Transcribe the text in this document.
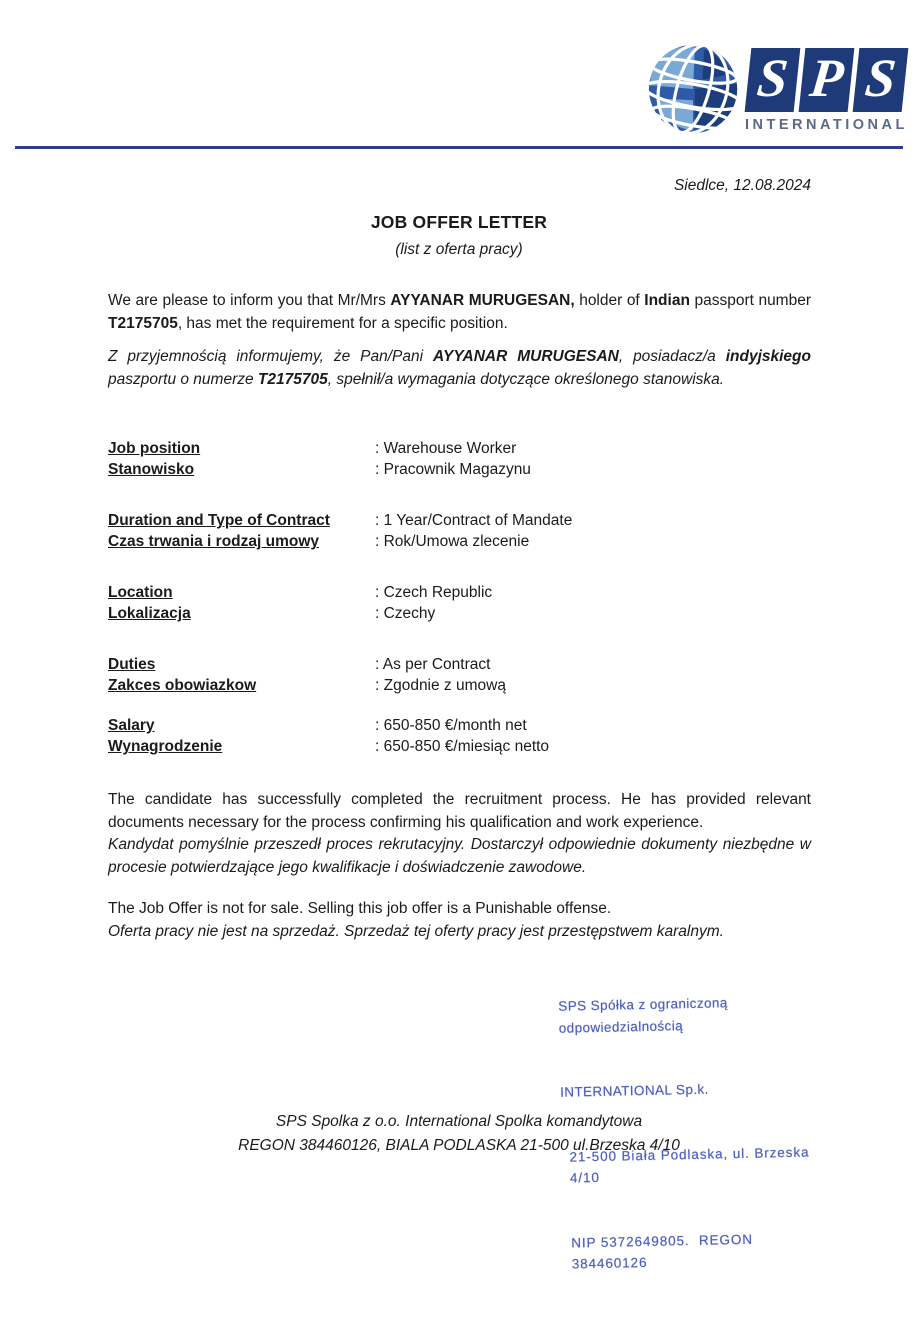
S P S
INTERNATIONAL
Siedlce, 12.08.2024
JOB OFFER LETTER
(list z oferta pracy)

We are please to inform you that Mr/Mrs AYYANAR MURUGESAN, holder of Indian passport number T2175705, has met the requirement for a specific position.

Z przyjemnością informujemy, że Pan/Pani AYYANAR MURUGESAN, posiadacz/a indyjskiego paszportu o numerze T2175705, spełnił/a wymagania dotyczące określonego stanowiska.

Job position	: Warehouse Worker
Stanowisko	: Pracownik Magazynu
Duration and Type of Contract	: 1 Year/Contract of Mandate
Czas trwania i rodzaj umowy	: Rok/Umowa zlecenie
Location	: Czech Republic
Lokalizacja	: Czechy
Duties	: As per Contract
Zakces obowiazkow	: Zgodnie z umową
Salary	: 650-850 €/month net
Wynagrodzenie	: 650-850 €/miesiąc netto

The candidate has successfully completed the recruitment process. He has provided relevant documents necessary for the process confirming his qualification and work experience.

Kandydat pomyślnie przeszedł proces rekrutacyjny. Dostarczył odpowiednie dokumenty niezbędne w procesie potwierdzające jego kwalifikacje i doświadczenie zawodowe.

The Job Offer is not for sale. Selling this job offer is a Punishable offense.

Oferta pracy nie jest na sprzedaż. Sprzedaż tej oferty pracy jest przestępstwem karalnym.

SPS Spółka z ograniczoną odpowiedzialnością

INTERNATIONAL Sp.k.

21-500 Biała Podlaska, ul. Brzeska 4/10

NIP 5372649805.  REGON 384460126

SPS Spolka z o.o. International Spolka komandytowa
REGON 384460126, BIALA PODLASKA 21-500 ul.Brzeska 4/10
